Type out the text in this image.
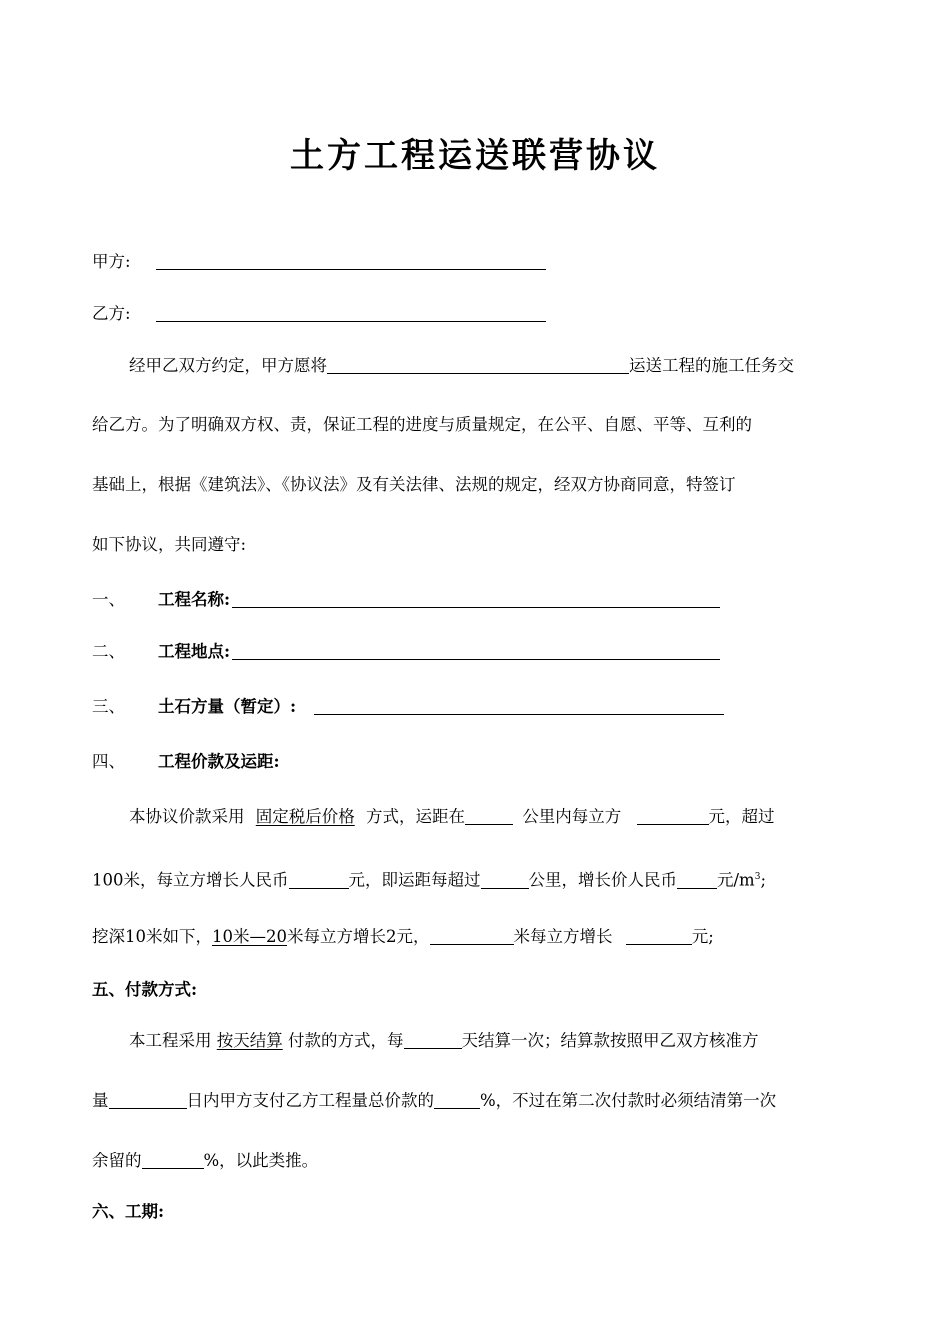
土方工程运送联营协议
甲方:
乙方:
经甲乙双方约定，甲方愿将	运送工程的施工任务交
给乙方。为了明确双方权、责，保证工程的进度与质量规定，在公平、自愿、平等、互利的
基础上，根据《建筑法》、《协议法》及有关法律、法规的规定，经双方协商同意，特签订
如下协议，共同遵守:
一、 工程名称:
二、 工程地点:
三、 土石方量（暂定）:
四、 工程价款及运距:
本协议价款采用 固定税后价格 方式，运距在	公里内每立方	元，超过
100米，每立方增长人民币	元，即运距每超过	公里，增长价人民币 元$/m^3$;
挖深10米如下，10米—20米每立方增长2元，	米每立方增长	元;
五、付款方式:
本工程采用 按天结算 付款的方式，每	天结算一次；结算款按照甲乙双方核准方
量	日内甲方支付乙方工程量总价款的	%，不过在第二次付款时必须结清第一次
余留的	%，以此类推。
六、工期:
